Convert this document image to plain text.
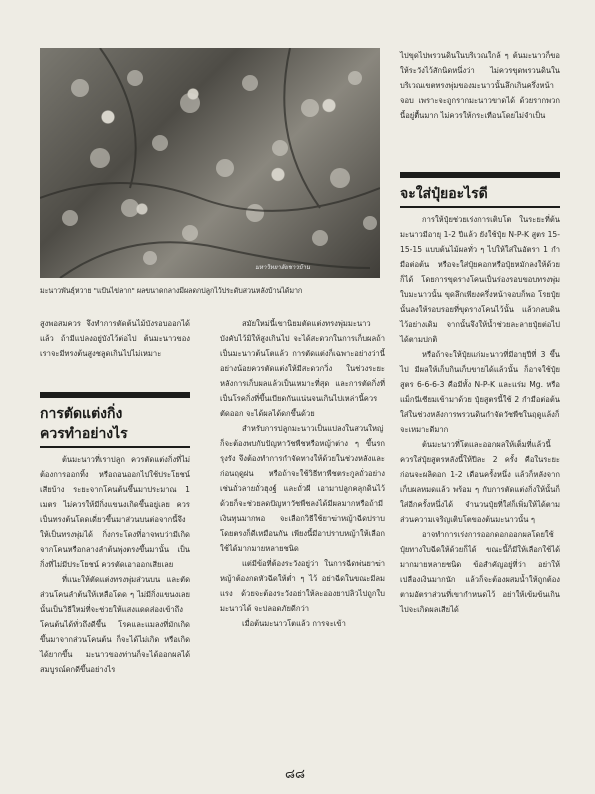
มหาวิทยาลัยชาวบ้าน
มะนาวพันธุ์หวาย "แป้นไข่ลาก" ผลขนาดกลางมีผลดกปลูกไว้ประดับสวนหลังบ้านได้มาก

สูงพอสมควร จึงทำการตัดต้นไม้บังรอบออกได้แล้ว ถ้ามีแปลงอยู่บังไว้ต่อไป ต้นมะนาวของเราจะมีทรงต้นสูงชลูดเกินไปไม่เหมาะ

การตัดแต่งกิ่ง
ควรทำอย่างไร

ต้นมะนาวที่เราปลูก ควรตัดแต่งกิ่งที่ไม่ต้องการออกทิ้ง หรือถอนออกไปใช้ประโยชน์เสียบ้าง ระยะจากโคนต้นขึ้นมาประมาณ 1 เมตร ไม่ควรให้มีกิ่งแขนงเกิดขึ้นอยู่เลย ควรเป็นทรงต้นโดดเดี่ยวขึ้นมาส่วนบนต่อจากนี้จึงให้เป็นทรงพุ่มได้ กิ่งกระโดงที่อาจพบว่ามีเกิดจากโคนหรือกลางลำต้นพุ่งตรงขึ้นมานั้น เป็นกิ่งที่ไม่มีประโยชน์ ควรตัดเอาออกเสียเลย

ที่แนะให้ตัดแต่งทรงพุ่มส่วนบน และตัดส่วนโคนลำต้นให้เหลือโดด ๆ ไม่มีกิ่งแขนงเลยนั้นเป็นวิธีใหม่ที่จะช่วยให้แสงแดดส่องเข้าถึงโคนต้นได้ทั่วถึงดีขึ้น โรคและแมลงที่มักเกิดขึ้นมาจากส่วนโคนต้น ก็จะได้ไม่เกิด หรือเกิดได้ยากขึ้น มะนาวของท่านก็จะได้ออกผลได้สมบูรณ์ดกดีขึ้นอย่างไร

สมัยใหม่นี้เขานิยมตัดแต่งทรงพุ่มมะนาวบังคับไว้มิให้สูงเกินไป จะได้สะดวกในการเก็บผลถ้าเป็นมะนาวต้นโตแล้ว การตัดแต่งก็เฉพาะอย่างว่านี้ อย่างน้อยควรตัดแต่งให้มีสะดวกวิ่ง ในช่วงระยะหลังการเก็บผลแล้วเป็นเหมาะที่สุด และการตัดกิ่งที่เป็นโรคกิ่งที่ขึ้นเบียดกันแน่นจนเกินไปเหล่านี้ควรตัดออก จะได้ผลได้ดกขึ้นด้วย

สำหรับการปลูกมะนาวเป็นแปลงในสวนใหญ่ ก็จะต้องพบกับปัญหาวัชพืชหรือหญ้าต่าง ๆ ขึ้นรกรุงรัง จึงต้องทำการกำจัดทางให้ด้วยในช่วงหลังและก่อนฤดูฝน หรือถ้าจะใช้วิธีทาพืชตระกูลถั่วอย่างเช่นถั่วลายถั่วฮุงฐ์ และถั่วผี เอามาปลูกคลุกดินไว้ด้วยก็จะช่วยลดปัญหาวัชพืชลงได้มีผลมากหรือถ้ามีเงินทุนมากพอ จะเลือกวิธีใช้ยาฆ่าหญ้าฉีดปราบโดยตรงก็ดีเหมือนกัน เพียงนี้มีอาปราบหญ้าให้เลือกใช้ได้มากมายหลายชนิด

แต่มีข้อที่ต้องระวังอยู่ว่า ในการฉีดพ่นยาฆ่าหญ้าต้องกดหัวฉีดให้ต่ำ ๆ ไว้ อย่าฉีดในขณะมีลมแรง ด้วยจะต้องระวังอย่าให้ละอองยาปลิวไปถูกใบมะนาวได้ จะปลอดภัยดีกว่า

เมื่อต้นมะนาวโตแล้ว การจะเข้า

ไปขุดไปพรวนดินในบริเวณใกล้ ๆ ต้นมะนาวก็ขอให้ระวังไว้สักนิดหนึ่งว่า ไม่ควรขุดพรวนดินในบริเวณเขตทรงพุ่มของมะนาวนั้นลึกเกินครึ่งหน้าจอบ เพราะจะถูกรากมะนาวขาดได้ ด้วยรากพวกนี้อยู่ตื้นมาก ไม่ควรให้กระเทือนโดยไม่จำเป็น

จะใส่ปุ๋ยอะไรดี

การให้ปุ๋ยช่วยเร่งการเติบโต ในระยะที่ต้นมะนาวมีอายุ 1-2 ปีแล้ว ยังใช้ปุ๋ย N-P-K สูตร 15-15-15 แบบต้นไม้ผลทั่ว ๆ ไปให้ใส่ในอัตรา 1 กำมือต่อต้น หรือจะใส่ปุ๋ยคอกหรือปุ๋ยหมักลงให้ด้วยก็ได้ โดยการขุดรางโคนเป็นร่องรอบขอบทรงพุ่มใบมะนาวนั้น ขุดลึกเพียงครึ่งหน้าจอบก็พอ โรยปุ๋ยนั้นลงให้รอบรอยที่ขุดรางโคนไว้นั้น แล้วกลบดินไว้อย่างเดิม จากนั้นจึงให้น้ำช่วยละลายปุ๋ยต่อไปได้ตามปกติ

หรือถ้าจะให้ปุ๋ยแก่มะนาวที่มีอายุปีที่ 3 ขึ้นไป มีผลให้เก็บกินเก็บขายได้แล้วนั้น ก็อาจใช้ปุ๋ยสูตร 6-6-6-3 คือมีทั้ง N-P-K และแร่ม Mg. หรือแม็กนีเซียมเข้ามาด้วย ปุ๋ยสูตรนี้ใช้ 2 กำมือต่อต้น ใส่ในช่วงหลังการพรวนดินกำจัดวัชพืชในฤดูแล้งก็จะเหมาะดีมาก

ต้นมะนาวที่โตและออกผลให้เต็มที่แล้วนี้ ควรใส่ปุ๋ยสูตรหลังนี้ให้ปีละ 2 ครั้ง คือในระยะก่อนจะผลิดอก 1-2 เดือนครั้งหนึ่ง แล้วก็หลังจากเก็บผลหมดแล้ว พร้อม ๆ กับการตัดแต่งกิ่งให้นั้นก็ใส่อีกครั้งหนึ่งได้ จำนวนปุ๋ยที่ใส่ก็เพิ่มให้ได้ตามส่วนความเจริญเติบโตของต้นมะนาวนั้น ๆ

อาจทำการเร่งการออกดอกออกผลโดยใช้ปุ๋ยทางใบฉีดให้ด้วยก็ได้ ขณะนี้ก็มีให้เลือกใช้ได้มากมายหลายชนิด ข้อสำคัญอยู่ที่ว่า อย่าให้เปลืองเงินมากนัก แล้วก็จะต้องผสมน้ำให้ถูกต้องตามอัตราส่วนที่เขากำหนดไว้ อย่าให้เข้มข้นเกินไปจะเกิดผลเสียได้

๘๘
